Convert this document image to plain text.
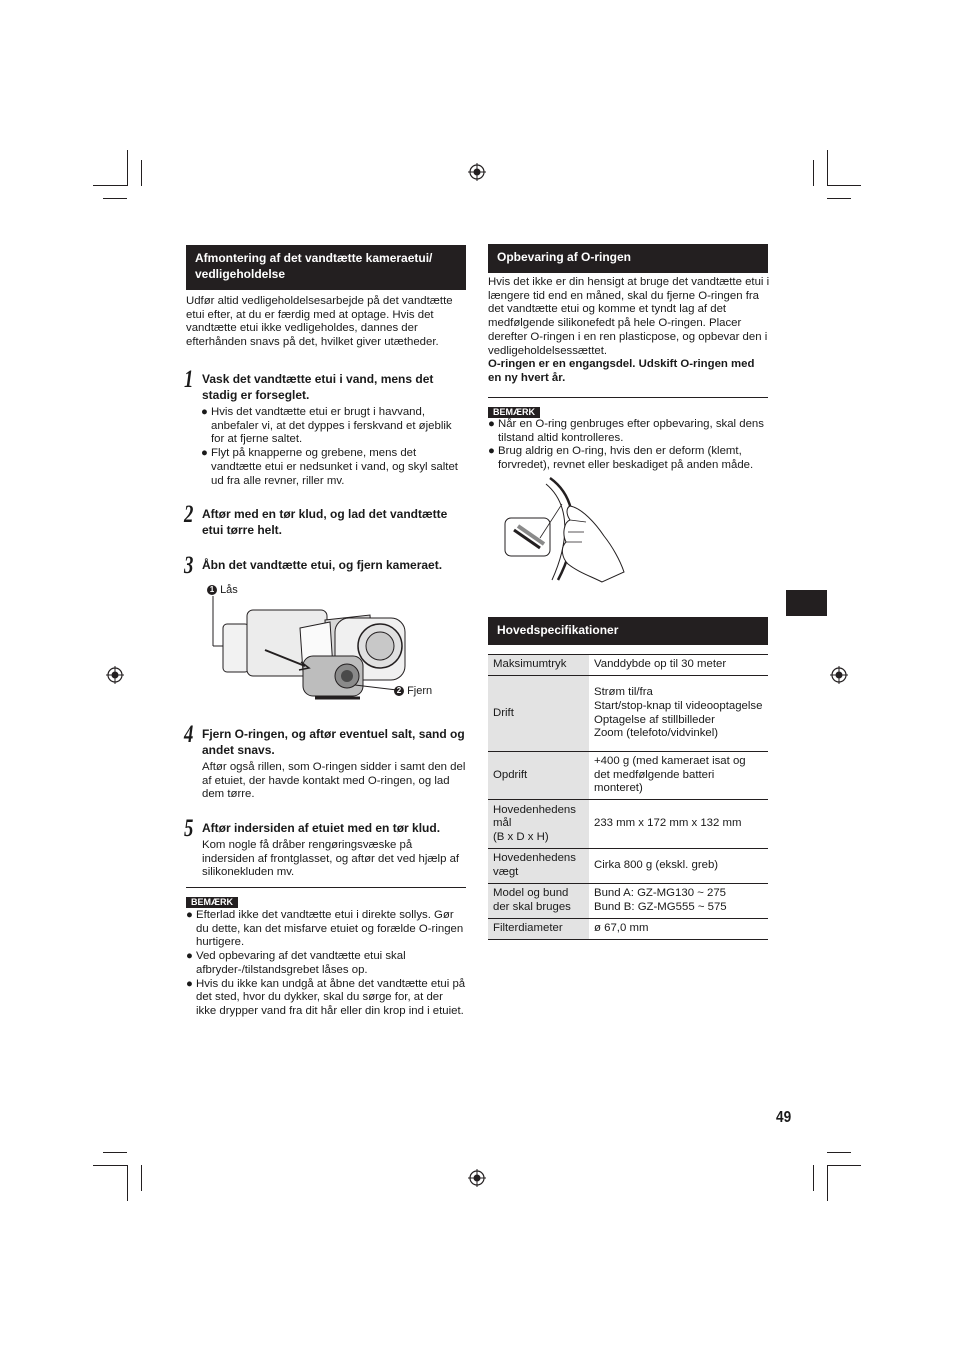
Afmontering af det vandtætte kameraetui/ vedligeholdelse
Udfør altid vedligeholdelsesarbejde på det vandtætte etui efter, at du er færdig med at optage. Hvis det vandtætte etui ikke vedligeholdes, dannes der efterhånden snavs på det, hvilket giver utætheder.
1 Vask det vandtætte etui i vand, mens det stadig er forseglet.
● Hvis det vandtætte etui er brugt i havvand, anbefaler vi, at det dyppes i ferskvand et øjeblik for at fjerne saltet.
● Flyt på knapperne og grebene, mens det vandtætte etui er nedsunket i vand, og skyl saltet ud fra alle revner, riller mv.
2 Aftør med en tør klud, og lad det vandtætte etui tørre helt.
3 Åbn det vandtætte etui, og fjern kameraet.
1 Lås
2 Fjern
4 Fjern O-ringen, og aftør eventuel salt, sand og andet snavs.
Aftør også rillen, som O-ringen sidder i samt den del af etuiet, der havde kontakt med O-ringen, og lad dem tørre.
5 Aftør indersiden af etuiet med en tør klud.
Kom nogle få dråber rengøringsvæske på indersiden af frontglasset, og aftør det ved hjælp af silikonekluden mv.
BEMÆRK
● Efterlad ikke det vandtætte etui i direkte sollys. Gør du dette, kan det misfarve etuiet og forælde O-ringen hurtigere.
● Ved opbevaring af det vandtætte etui skal afbryder-/tilstandsgrebet låses op.
● Hvis du ikke kan undgå at åbne det vandtætte etui på det sted, hvor du dykker, skal du sørge for, at der ikke drypper vand fra dit hår eller din krop ind i etuiet.
Opbevaring af O-ringen
Hvis det ikke er din hensigt at bruge det vandtætte etui i længere tid end en måned, skal du fjerne O-ringen fra det vandtætte etui og komme et tyndt lag af det medfølgende silikonefedt på hele O-ringen. Placer derefter O-ringen i en ren plasticpose, og opbevar den i vedligeholdelsessættet.
O-ringen er en engangsdel. Udskift O-ringen med en ny hvert år.
BEMÆRK
● Når en O-ring genbruges efter opbevaring, skal dens tilstand altid kontrolleres.
● Brug aldrig en O-ring, hvis den er deform (klemt, forvredet), revnet eller beskadiget på anden måde.
Hovedspecifikationer
Maksimumtryk	Vanddybde op til 30 meter
Drift	Strøm til/fra
Start/stop-knap til videooptagelse
Optagelse af stillbilleder
Zoom (telefoto/vidvinkel)
Opdrift	+400 g (med kameraet isat og det medfølgende batteri monteret)
Hovedenhedens mål
(B x D x H)	233 mm x 172 mm x 132 mm
Hovedenhedens vægt	Cirka 800 g (ekskl. greb)
Model og bund der skal bruges	Bund A: GZ-MG130 ~ 275
Bund B: GZ-MG555 ~ 575
Filterdiameter	ø 67,0 mm
49
